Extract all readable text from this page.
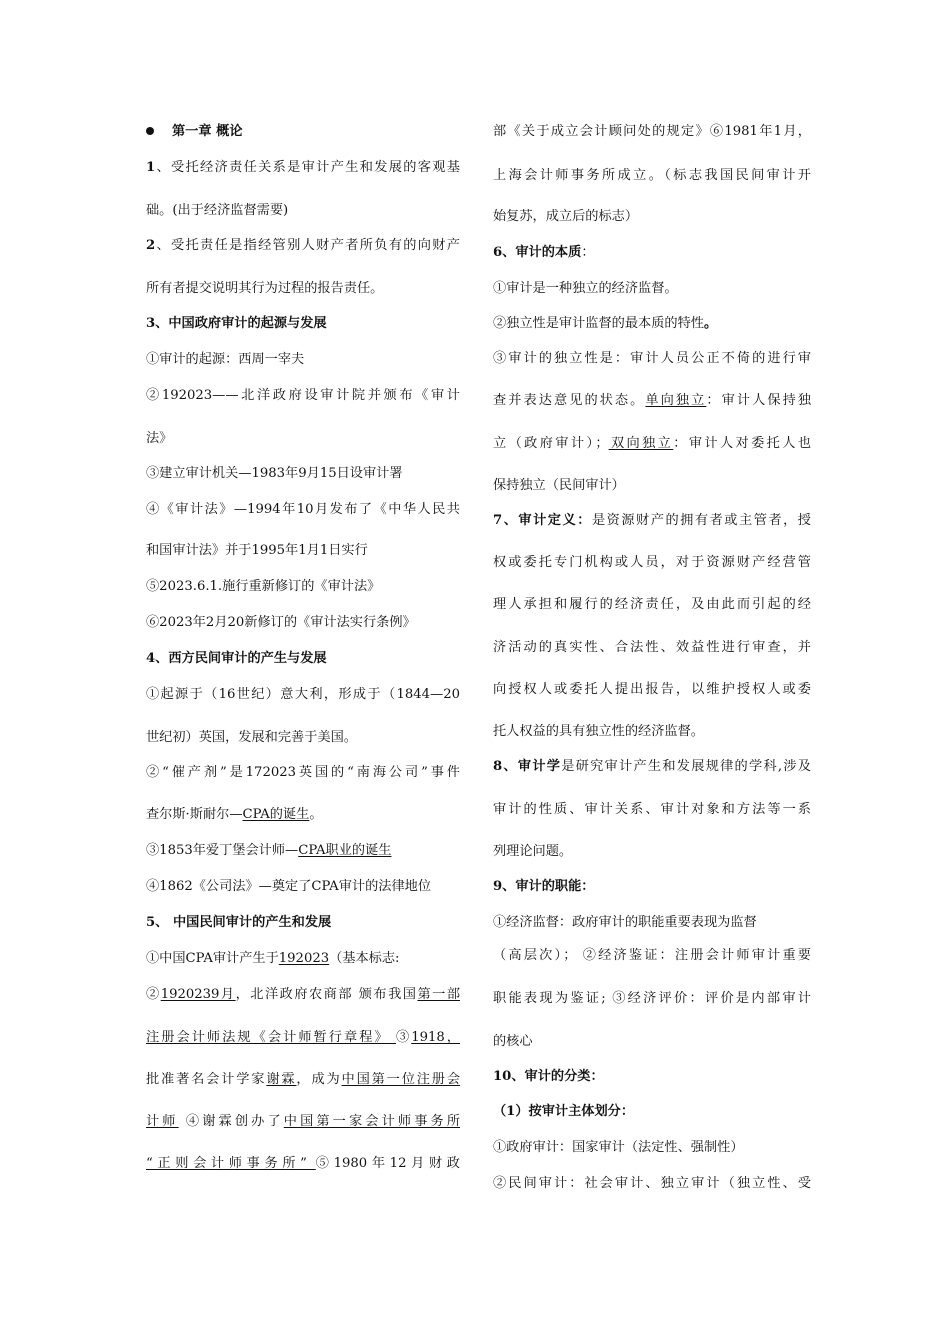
第一章 概论
1、受托经济责任关系是审计产生和发展的客观基
础。(出于经济监督需要)
2、受托责任是指经管别人财产者所负有的向财产
所有者提交说明其行为过程的报告责任。
3、中国政府审计的起源与发展
①审计的起源：西周一宰夫
②192023——北洋政府设审计院并颁布《审计
法》
③建立审计机关—1983年9月15日设审计署
④《审计法》—1994年10月发布了《中华人民共
和国审计法》并于1995年1月1日实行
⑤2023.6.1.施行重新修订的《审计法》
⑥2023年2月20新修订的《审计法实行条例》
4、西方民间审计的产生与发展
①起源于（16世纪）意大利，形成于（1844—20
世纪初）英国，发展和完善于美国。
②“催产剂”是172023英国的“南海公司”事件
查尔斯·斯耐尔—CPA的诞生。
③1853年爱丁堡会计师—CPA职业的诞生
④1862《公司法》—奠定了CPA审计的法律地位
5、 中国民间审计的产生和发展
①中国CPA审计产生于192023（基本标志:
②1920239月，北洋政府农商部 颁布我国第一部
注册会计师法规《会计师暂行章程》 ③1918，
批准著名会计学家谢霖，成为中国第一位注册会
计师 ④谢霖创办了中国第一家会计师事务所
“正则会计师事务所” ⑤1980年12月财政
部《关于成立会计顾问处的规定》⑥1981年1月，
上海会计师事务所成立。（标志我国民间审计开
始复苏，成立后的标志）
6、审计的本质：
①审计是一种独立的经济监督。
②独立性是审计监督的最本质的特性。
③审计的独立性是：审计人员公正不倚的进行审
查并表达意见的状态。单向独立：审计人保持独
立（政府审计）；双向独立：审计人对委托人也
保持独立（民间审计）
7、审计定义：是资源财产的拥有者或主管者，授
权或委托专门机构或人员，对于资源财产经营管
理人承担和履行的经济责任，及由此而引起的经
济活动的真实性、合法性、效益性进行审查，并
向授权人或委托人提出报告，以维护授权人或委
托人权益的具有独立性的经济监督。
8、审计学是研究审计产生和发展规律的学科,涉及
审计的性质、审计关系、审计对象和方法等一系
列理论问题。
9、审计的职能：
①经济监督：政府审计的职能重要表现为监督
（高层次）； ②经济鉴证：注册会计师审计重要
职能表现为鉴证; ③经济评价：评价是内部审计
的核心
10、审计的分类：
（1）按审计主体划分：
①政府审计：国家审计（法定性、强制性）
②民间审计：社会审计、独立审计（独立性、受
